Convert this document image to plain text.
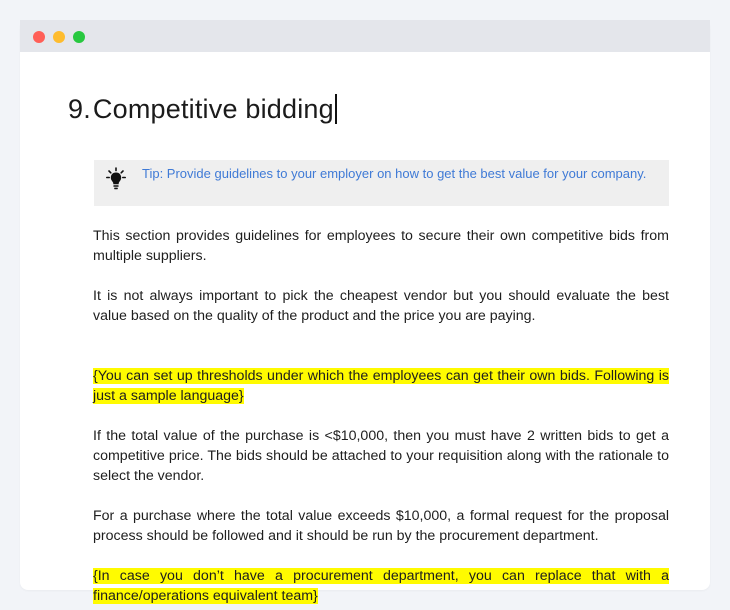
9.Competitive bidding
Tip: Provide guidelines to your employer on how to get the best value for your company.

This section provides guidelines for employees to secure their own competitive bids from multiple suppliers.

It is not always important to pick the cheapest vendor but you should evaluate the best value based on the quality of the product and the price you are paying.

{You can set up thresholds under which the employees can get their own bids. Following is just a sample language}

If the total value of the purchase is <$10,000, then you must have 2 written bids to get a competitive price. The bids should be attached to your requisition along with the rationale to select the vendor.

For a purchase where the total value exceeds $10,000, a formal request for the proposal process should be followed and it should be run by the procurement department.

{In case you don’t have a procurement department, you can replace that with a finance/operations equivalent team}
